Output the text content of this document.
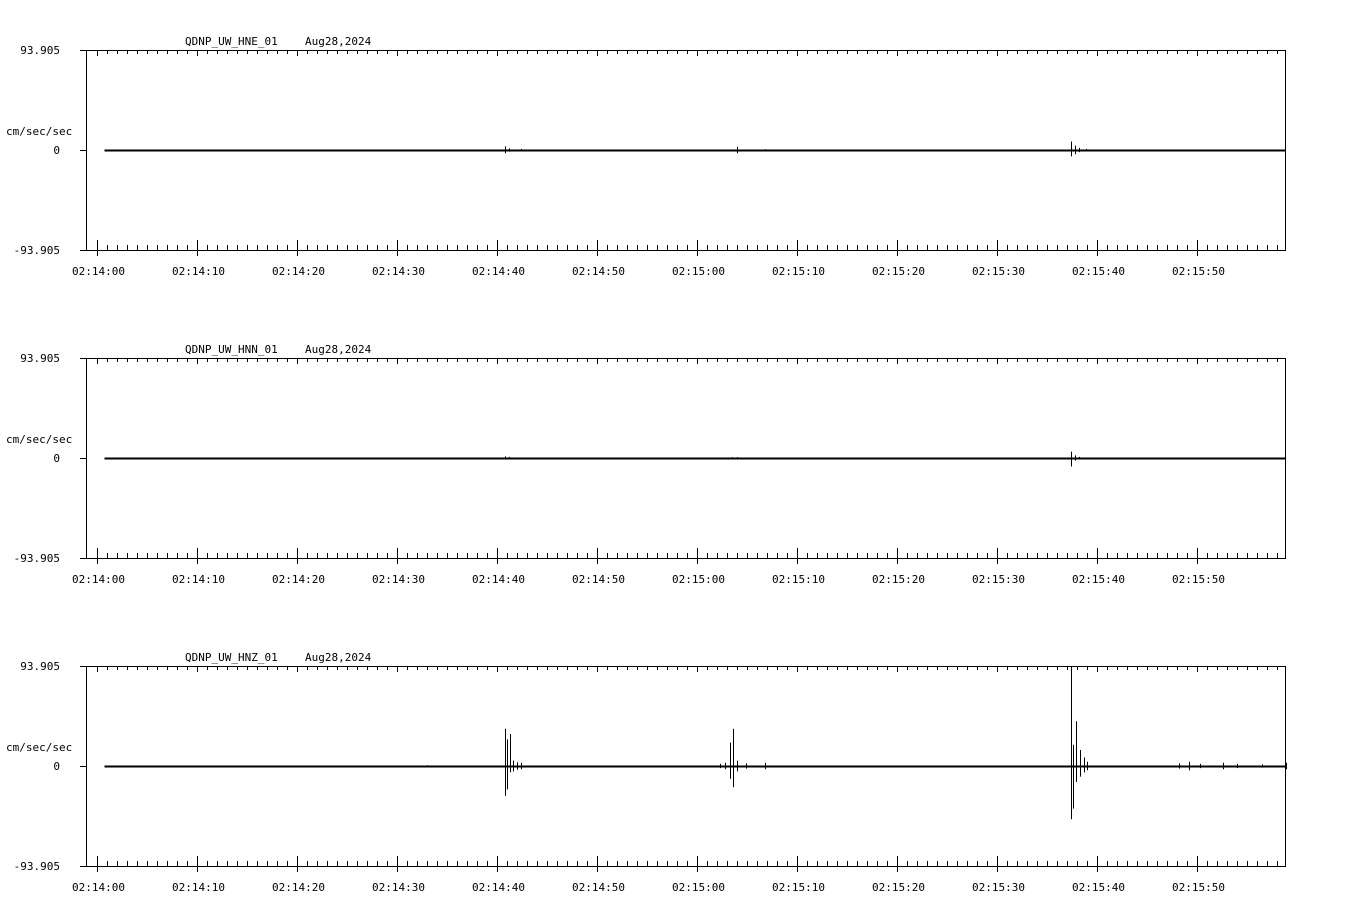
QDNP_UW_HNE_01 Aug28,2024
93.905
0
-93.905
cm/sec/sec
02:14:00	02:14:10	02:14:20	02:14:30	02:14:40	02:14:50	02:15:00	02:15:10	02:15:20	02:15:30	02:15:40	02:15:50
QDNP_UW_HNN_01 Aug28,2024
93.905
0
-93.905
cm/sec/sec
02:14:00	02:14:10	02:14:20	02:14:30	02:14:40	02:14:50	02:15:00	02:15:10	02:15:20	02:15:30	02:15:40	02:15:50
QDNP_UW_HNZ_01 Aug28,2024
93.905
0
-93.905
cm/sec/sec
02:14:00	02:14:10	02:14:20	02:14:30	02:14:40	02:14:50	02:15:00	02:15:10	02:15:20	02:15:30	02:15:40	02:15:50
